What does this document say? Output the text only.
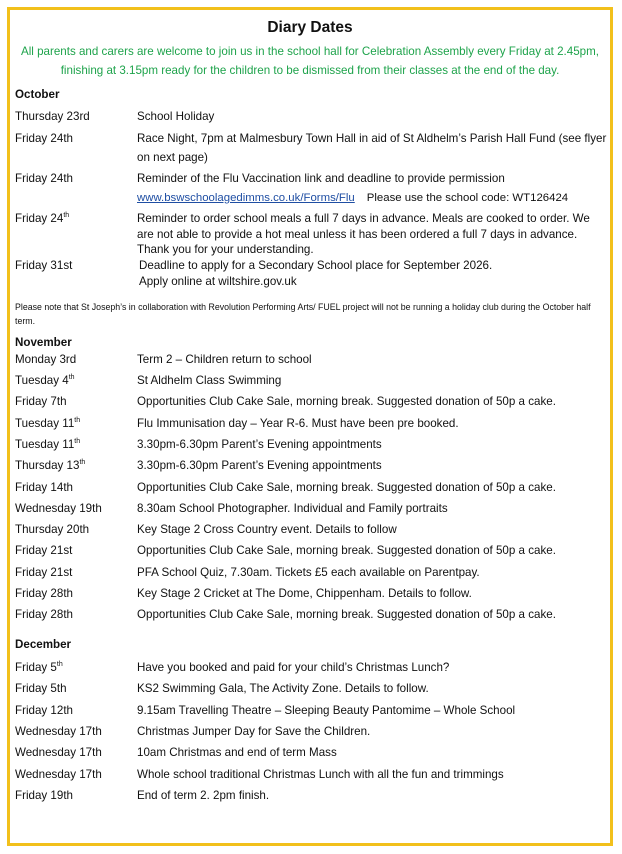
Diary Dates
All parents and carers are welcome to join us in the school hall for Celebration Assembly every Friday at 2.45pm, finishing at 3.15pm ready for the children to be dismissed from their classes at the end of the day.
October
Thursday 23rd	School Holiday
Friday 24th	Race Night, 7pm at Malmesbury Town Hall in aid of St Aldhelm’s Parish Hall Fund (see flyer on next page)
Friday 24th	Reminder of the Flu Vaccination link and deadline to provide permission
www.bswschoolagedimms.co.uk/Forms/Flu Please use the school code: WT126424
Friday 24th	Reminder to order school meals a full 7 days in advance. Meals are cooked to order. We are not able to provide a hot meal unless it has been ordered a full 7 days in advance. Thank you for your understanding.
Friday 31st	Deadline to apply for a Secondary School place for September 2026.
Apply online at wiltshire.gov.uk
Please note that St Joseph’s in collaboration with Revolution Performing Arts/ FUEL project will not be running a holiday club during the October half term.
November
Monday 3rd	Term 2 – Children return to school
Tuesday 4th	St Aldhelm Class Swimming
Friday 7th	Opportunities Club Cake Sale, morning break. Suggested donation of 50p a cake.
Tuesday 11th	Flu Immunisation day – Year R-6. Must have been pre booked.
Tuesday 11th	3.30pm-6.30pm Parent’s Evening appointments
Thursday 13th	3.30pm-6.30pm Parent’s Evening appointments
Friday 14th	Opportunities Club Cake Sale, morning break. Suggested donation of 50p a cake.
Wednesday 19th	8.30am School Photographer. Individual and Family portraits
Thursday 20th	Key Stage 2 Cross Country event. Details to follow
Friday 21st	Opportunities Club Cake Sale, morning break. Suggested donation of 50p a cake.
Friday 21st	PFA School Quiz, 7.30am. Tickets £5 each available on Parentpay.
Friday 28th	Key Stage 2 Cricket at The Dome, Chippenham. Details to follow.
Friday 28th	Opportunities Club Cake Sale, morning break. Suggested donation of 50p a cake.
December
Friday 5th	Have you booked and paid for your child’s Christmas Lunch?
Friday 5th	KS2 Swimming Gala, The Activity Zone. Details to follow.
Friday 12th	9.15am Travelling Theatre – Sleeping Beauty Pantomime – Whole School
Wednesday 17th	Christmas Jumper Day for Save the Children.
Wednesday 17th	10am Christmas and end of term Mass
Wednesday 17th	Whole school traditional Christmas Lunch with all the fun and trimmings
Friday 19th	End of term 2. 2pm finish.
